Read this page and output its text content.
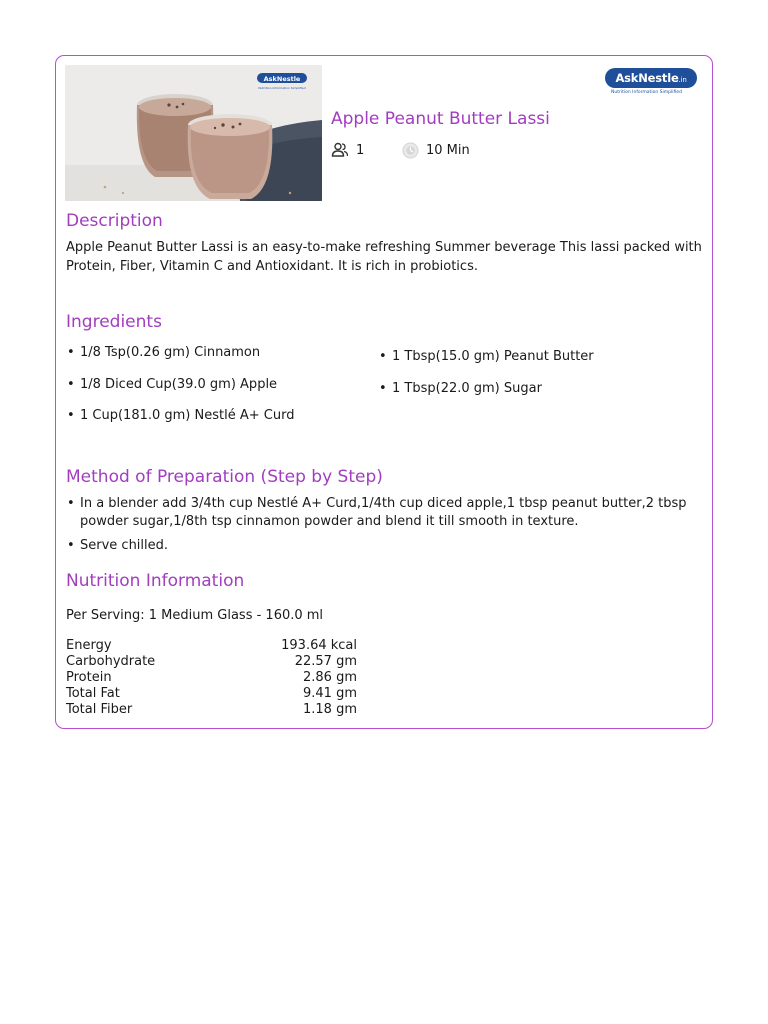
AskNestle
Nutrition Information Simplified
AskNestle.in
Nutrition Information Simplified
Apple Peanut Butter Lassi
1	10 Min
Description
Apple Peanut Butter Lassi is an easy-to-make refreshing Summer beverage This lassi packed with Protein, Fiber, Vitamin C and Antioxidant. It is rich in probiotics.
Ingredients
• 1/8 Tsp(0.26 gm) Cinnamon
• 1/8 Diced Cup(39.0 gm) Apple
• 1 Cup(181.0 gm) Nestlé A+ Curd
• 1 Tbsp(15.0 gm) Peanut Butter
• 1 Tbsp(22.0 gm) Sugar
Method of Preparation (Step by Step)
• In a blender add 3/4th cup Nestlé A+ Curd,1/4th cup diced apple,1 tbsp peanut butter,2 tbsp powder sugar,1/8th tsp cinnamon powder and blend it till smooth in texture.
• Serve chilled.
Nutrition Information
Per Serving: 1 Medium Glass - 160.0 ml
Energy	193.64 kcal
Carbohydrate	22.57 gm
Protein	2.86 gm
Total Fat	9.41 gm
Total Fiber	1.18 gm
